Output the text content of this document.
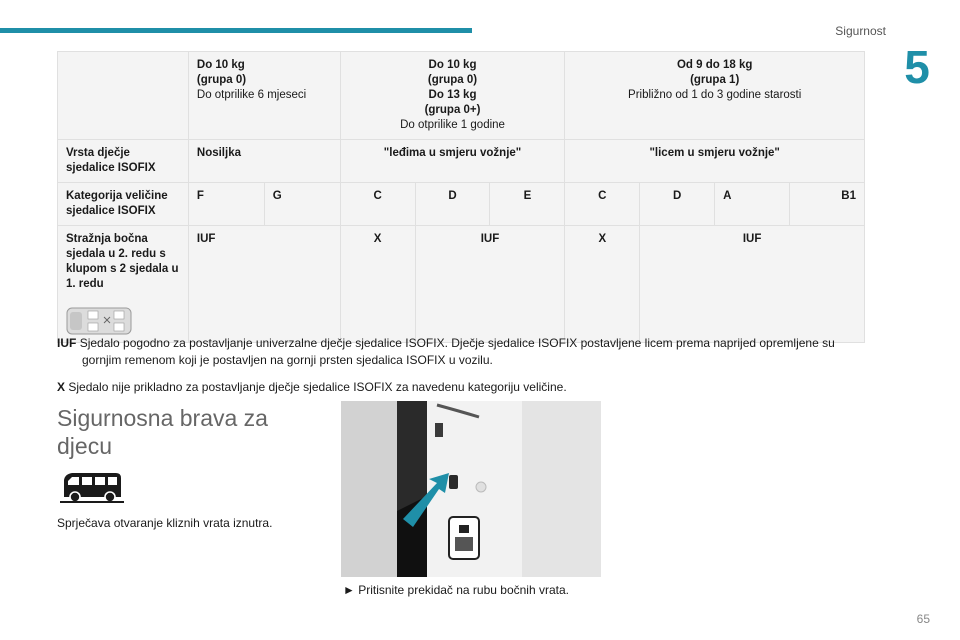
Sigurnost
5
	Do 10 kg
(grupa 0)
Do otprilike 6 mjeseci		Do 10 kg
(grupa 0)
Do 13 kg
(grupa 0+)
Do otprilike 1 godine			Od 9 do 18 kg
(grupa 1)
Približno od 1 do 3 godine starosti			
Vrsta dječje sjedalice ISOFIX	Nosiljka		"leđima u smjeru vožnje"			"licem u smjeru vožnje"			
Kategorija veličine sjedalice ISOFIX	F	G	C	D	E	C	D	A	B1
Stražnja bočna sjedala u 2. redu s klupom s 2 sjedala u 1. redu	IUF		X	IUF		X	IUF		

IUF Sjedalo pogodno za postavljanje univerzalne dječje sjedalice ISOFIX. Dječje sjedalice ISOFIX postavljene licem prema naprijed opremljene su gornjim remenom koji je postavljen na gornji prsten sjedalica ISOFIX u vozilu.

X Sjedalo nije prikladno za postavljanje dječje sjedalice ISOFIX za navedenu kategoriju veličine.

Sigurnosna brava za djecu

Sprječava otvaranje kliznih vrata iznutra.

► Pritisnite prekidač na rubu bočnih vrata.

65
